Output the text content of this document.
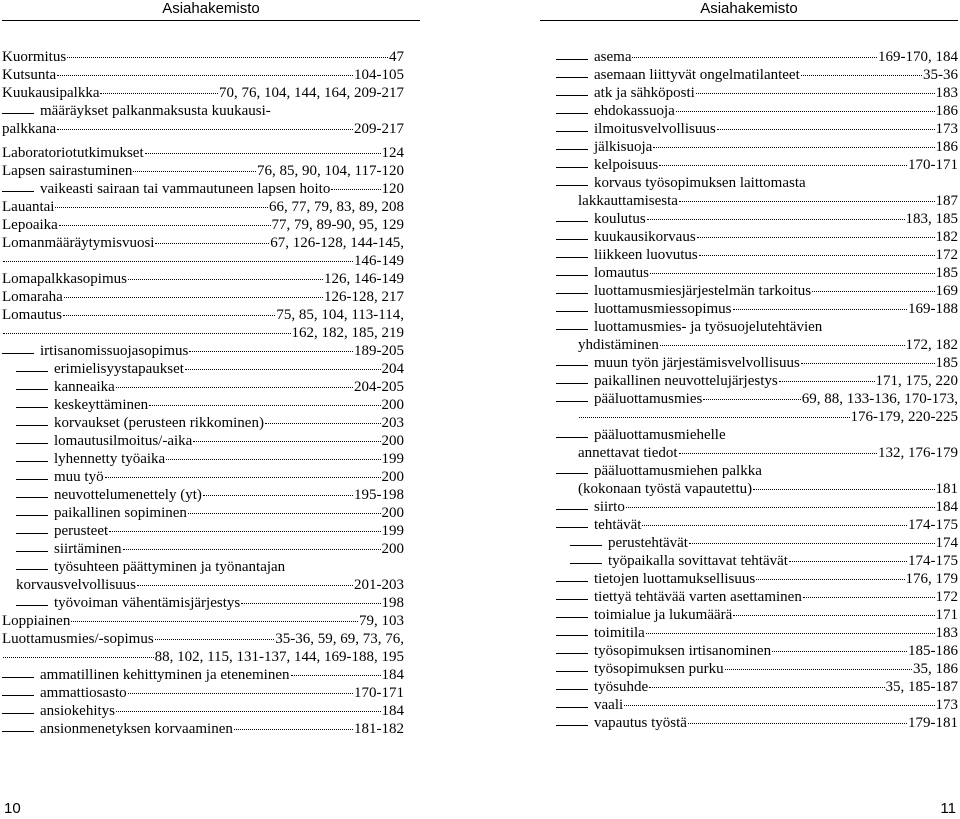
Asiahakemisto	Asiahakemisto
Kuormitus	47
Kutsunta	104-105
Kuukausipalkka	70, 76, 104, 144, 164, 209-217
määräykset palkanmaksusta kuukausi-
palkkana	209-217
Laboratoriotutkimukset	124
Lapsen sairastuminen	76, 85, 90, 104, 117-120
vaikeasti sairaan tai vammautuneen lapsen hoito	120
Lauantai	66, 77, 79, 83, 89, 208
Lepoaika	77, 79, 89-90, 95, 129
Lomanmääräytymisvuosi	67, 126-128, 144-145,
146-149
Lomapalkkasopimus	126, 146-149
Lomaraha	126-128, 217
Lomautus	75, 85, 104, 113-114,
162, 182, 185, 219
irtisanomissuojasopimus	189-205
erimielisyystapaukset	204
kanneaika	204-205
keskeyttäminen	200
korvaukset (perusteen rikkominen)	203
lomautusilmoitus/-aika	200
lyhennetty työaika	199
muu työ	200
neuvottelumenettely (yt)	195-198
paikallinen sopiminen	200
perusteet	199
siirtäminen	200
työsuhteen päättyminen ja työnantajan
korvausvelvollisuus	201-203
työvoiman vähentämisjärjestys	198
Loppiainen	79, 103
Luottamusmies/-sopimus	35-36, 59, 69, 73, 76,
88, 102, 115, 131-137, 144, 169-188, 195
ammatillinen kehittyminen ja eteneminen	184
ammattiosasto	170-171
ansiokehitys	184
ansionmenetyksen korvaaminen	181-182
asema	169-170, 184
asemaan liittyvät ongelmatilanteet	35-36
atk ja sähköposti	183
ehdokassuoja	186
ilmoitusvelvollisuus	173
jälkisuoja	186
kelpoisuus	170-171
korvaus työsopimuksen laittomasta
lakkauttamisesta	187
koulutus	183, 185
kuukausikorvaus	182
liikkeen luovutus	172
lomautus	185
luottamusmiesjärjestelmän tarkoitus	169
luottamusmiessopimus	169-188
luottamusmies- ja työsuojelutehtävien
yhdistäminen	172, 182
muun työn järjestämisvelvollisuus	185
paikallinen neuvottelujärjestys	171, 175, 220
pääluottamusmies	69, 88, 133-136, 170-173,
176-179, 220-225
pääluottamusmiehelle
annettavat tiedot	132, 176-179
pääluottamusmiehen palkka
(kokonaan työstä vapautettu)	181
siirto	184
tehtävät	174-175
perustehtävät	174
työpaikalla sovittavat tehtävät	174-175
tietojen luottamuksellisuus	176, 179
tiettyä tehtävää varten asettaminen	172
toimialue ja lukumäärä	171
toimitila	183
työsopimuksen irtisanominen	185-186
työsopimuksen purku	35, 186
työsuhde	35, 185-187
vaali	173
vapautus työstä	179-181
10	11
